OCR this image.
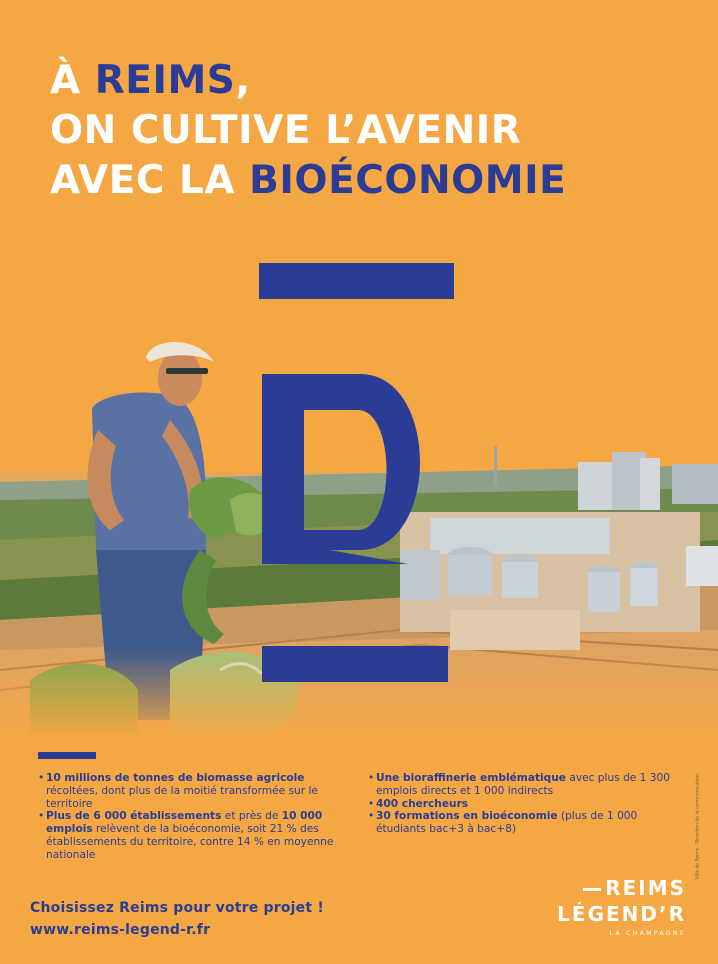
À REIMS,
ON CULTIVE L’AVENIR
AVEC LA BIOÉCONOMIE
• 10 millions de tonnes de biomasse agricole récoltées, dont plus de la moitié transformée sur le territoire
• Plus de 6 000 établissements et près de 10 000 emplois relèvent de la bioéconomie, soit 21 % des établissements du territoire, contre 14 % en moyenne nationale
• Une bioraffinerie emblématique avec plus de 1 300 emplois directs et 1 000 indirects
• 400 chercheurs
• 30 formations en bioéconomie (plus de 1 000 étudiants bac+3 à bac+8)	Ville de Reims - Direction de la communication
Choisissez Reims pour votre projet !
www.reims-legend-r.fr
REIMS
LÉGEND’R
LA CHAMPAGNE
